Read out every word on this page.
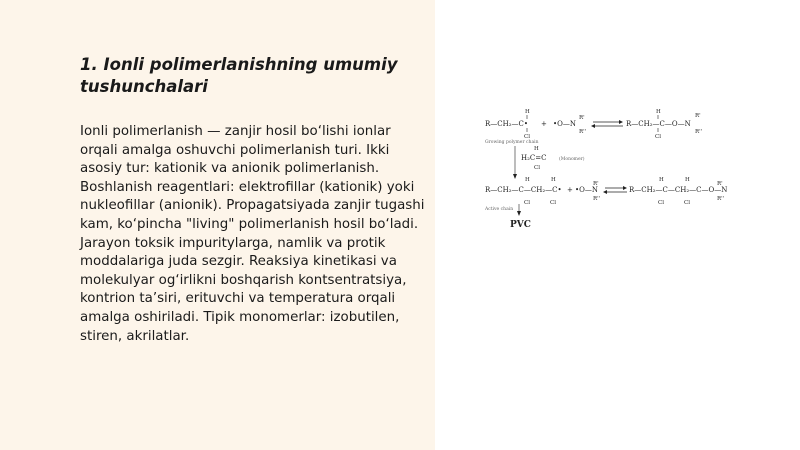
1. Ionli polimerlanishning umumiy tushunchalari

Ionli polimerlanish — zanjir hosil bo‘lishi ionlar orqali amalga oshuvchi polimerlanish turi. Ikki asosiy tur: kationik va anionik polimerlanish. Boshlanish reagentlari: elektrofillar (kationik) yoki nukleofillar (anionik). Propagatsiyada zanjir tugashi kam, ko‘pincha "living" polimerlanish hosil bo‘ladi. Jarayon toksik impuritylarga, namlik va protik moddalariga juda sezgir. Reaksiya kinetikasi va molekulyar og‘irlikni boshqarish kontsentratsiya, kontrion ta’siri, erituvchi va temperatura orqali amalga oshiriladi. Tipik monomerlar: izobutilen, stiren, akrilatlar.

H
R—CH₂—C•
Cl
Growing polymer chain
+ •O—N
R'
R''
H
R—CH₂—C—O—N
Cl
R'
R''
H
H₂C=C
Cl
(Monomer)
H	H
R—CH₂—C—CH₂—C•
Cl	Cl
Active chain
+ •O—N
R'
R''
H	H
R—CH₂—C—CH₂—C—O—N
Cl	Cl
R'
R''
PVC
